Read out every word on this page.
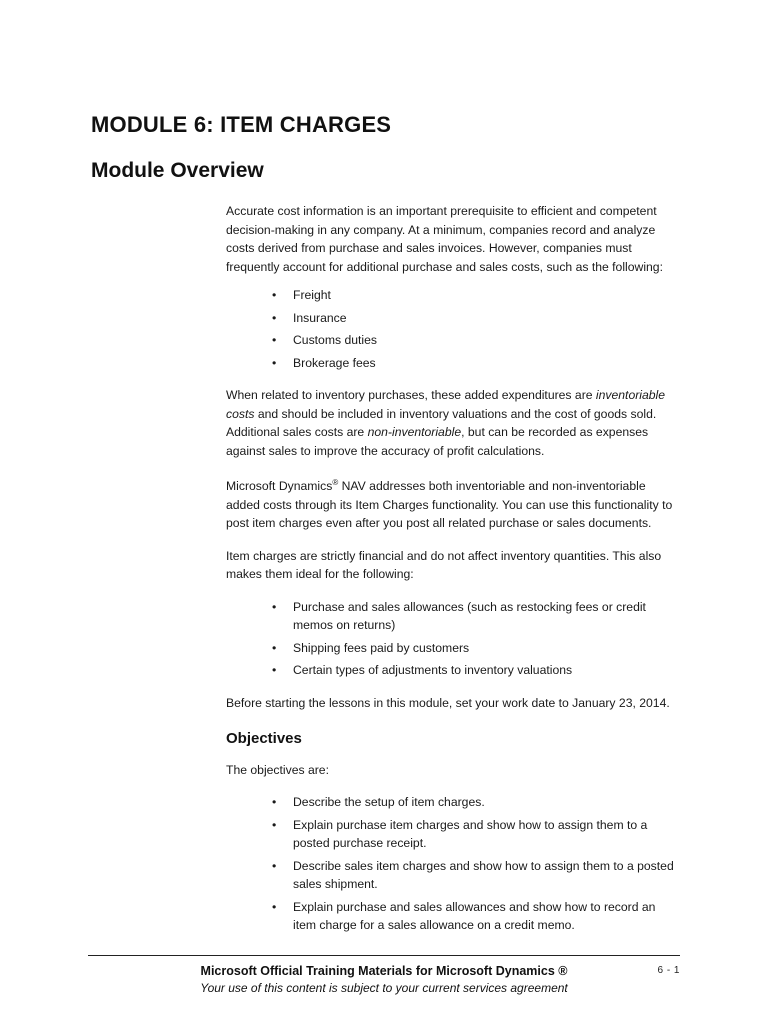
MODULE 6: ITEM CHARGES
Module Overview

Accurate cost information is an important prerequisite to efficient and competent decision-making in any company. At a minimum, companies record and analyze costs derived from purchase and sales invoices. However, companies must frequently account for additional purchase and sales costs, such as the following:

• Freight
• Insurance
• Customs duties
• Brokerage fees

When related to inventory purchases, these added expenditures are inventoriable costs and should be included in inventory valuations and the cost of goods sold. Additional sales costs are non-inventoriable, but can be recorded as expenses against sales to improve the accuracy of profit calculations.

Microsoft Dynamics® NAV addresses both inventoriable and non-inventoriable added costs through its Item Charges functionality. You can use this functionality to post item charges even after you post all related purchase or sales documents.

Item charges are strictly financial and do not affect inventory quantities. This also makes them ideal for the following:

• Purchase and sales allowances (such as restocking fees or credit memos on returns)
• Shipping fees paid by customers
• Certain types of adjustments to inventory valuations

Before starting the lessons in this module, set your work date to January 23, 2014.

Objectives

The objectives are:

• Describe the setup of item charges.
• Explain purchase item charges and show how to assign them to a posted purchase receipt.
• Describe sales item charges and show how to assign them to a posted sales shipment.
• Explain purchase and sales allowances and show how to record an item charge for a sales allowance on a credit memo.
Microsoft Official Training Materials for Microsoft Dynamics ®
Your use of this content is subject to your current services agreement
6 - 1
